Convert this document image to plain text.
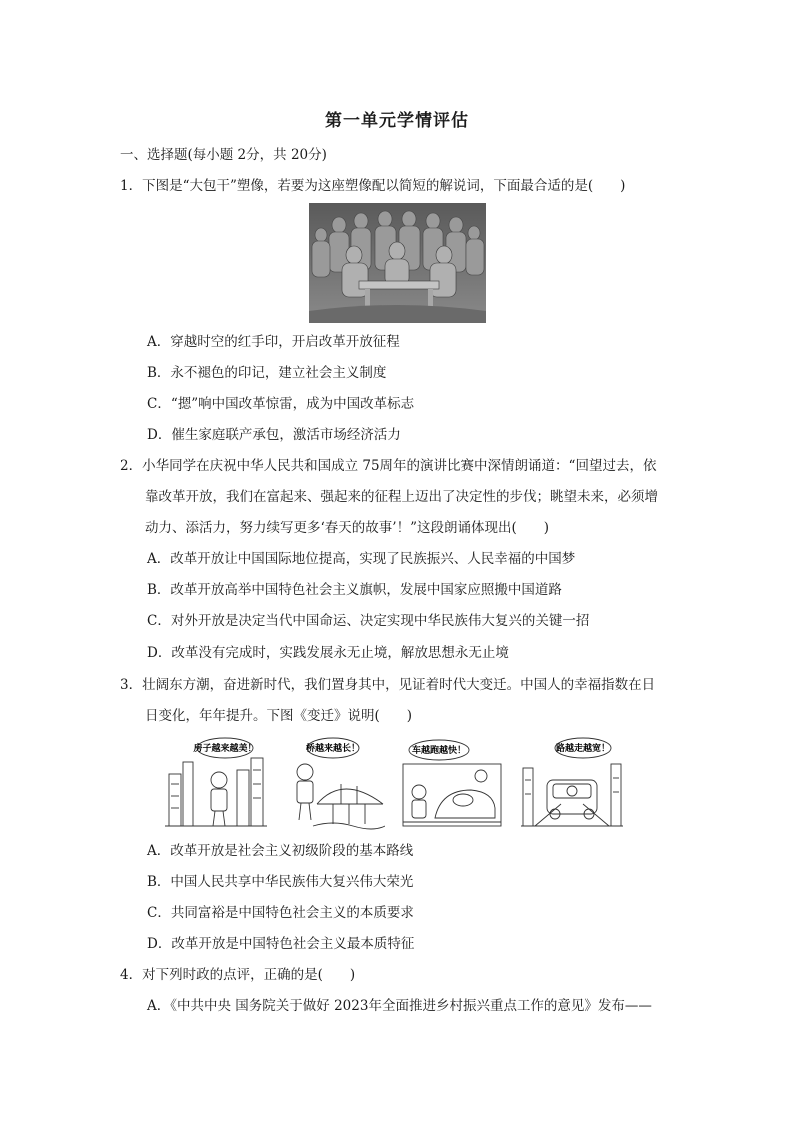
第一单元学情评估
一、选择题(每小题 2分，共 20分)
1．下图是“大包干”塑像，若要为这座塑像配以简短的解说词，下面最合适的是(　　)
A．穿越时空的红手印，开启改革开放征程
B．永不褪色的印记，建立社会主义制度
C．“摁”响中国改革惊雷，成为中国改革标志
D．催生家庭联产承包，激活市场经济活力
2．小华同学在庆祝中华人民共和国成立 75周年的演讲比赛中深情朗诵道：“回望过去，依
靠改革开放，我们在富起来、强起来的征程上迈出了决定性的步伐；眺望未来，必须增
动力、添活力，努力续写更多‘春天的故事’！”这段朗诵体现出(　　)
A．改革开放让中国国际地位提高，实现了民族振兴、人民幸福的中国梦
B．改革开放高举中国特色社会主义旗帜，发展中国家应照搬中国道路
C．对外开放是决定当代中国命运、决定实现中华民族伟大复兴的关键一招
D．改革没有完成时，实践发展永无止境，解放思想永无止境
3．壮阔东方潮，奋进新时代，我们置身其中，见证着时代大变迁。中国人的幸福指数在日
日变化，年年提升。下图《变迁》说明(　　)
房子越来越美！	桥越来越长！	车越跑越快！	路越走越宽！
A．改革开放是社会主义初级阶段的基本路线
B．中国人民共享中华民族伟大复兴伟大荣光
C．共同富裕是中国特色社会主义的本质要求
D．改革开放是中国特色社会主义最本质特征
4．对下列时政的点评，正确的是(　　)
A．《中共中央 国务院关于做好 2023年全面推进乡村振兴重点工作的意见》发布——
